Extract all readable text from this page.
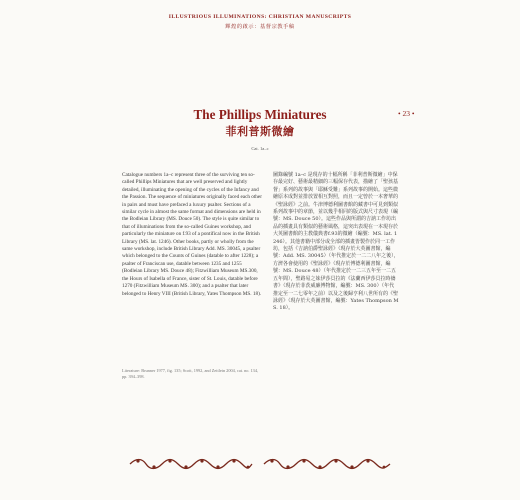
ILLUSTRIOUS ILLUMINATIONS: CHRISTIAN MANUSCRIPTS
輝煌的啟示：基督宗教手稿
• 23 •
The Phillips Miniatures
菲利普斯微繪
Cat. 1a–c
Catalogue numbers 1a–c represent three of the surviving ten so-called Phillips Miniatures that are well preserved and lightly detailed, illuminating the opening of the cycles of the Infancy and the Passion. The sequence of miniatures originally faced each other in pairs and must have prefaced a luxury psalter. Sections of a similar cycle in almost the same format and dimensions are held in the Bodleian Library (MS. Douce 50). The style is quite similar to that of illuminations from the so-called Guines workshop, and particularly the miniature on f.93 of a pontifical now in the British Library (MS. lat. 1246). Other books, partly or wholly from the same workshop, include British Library Add. MS. 30045, a psalter which belonged to the Counts of Guines (datable to after 1228); a psalter of Franciscan use, datable between 1235 and 1255 (Bodleian Library MS. Douce 48); Fitzwilliam Museum MS.300, the Hours of Isabella of France, sister of St. Louis, datable before 1270 (Fitzwilliam Museum MS. 300); and a psalter that later belonged to Henry VIII (British Library, Yates Thompson MS. 18).
Literature: Brunner 1977, fig. 135; Scott, 1992, and Zeitlein 2004, cat. no. 134, pp. 394–398.
圖錄編號 1a–c 是現存的十幅所稱「菲利普斯微繪」中保存最完好、藝術最精細的三幅保存代表，描繪了「聖孩基督」系列的故事與「耶穌受難」系列故事的開始。這些微繪原本成對並排放置相互對照，而且一定曾於一本奢華的《聖詠經》之前。牛津博德利圖書館的藏書中可見到類似系列故事中的章節，並以幾乎相同的版式與尺寸表現（編號：MS. Douce 50）。這些作品與所謂的吉訥工作坊出品的插畫具有類似的藝術風格，這突出表現在一本現存於大英圖書館的主教儀典書f.93的微繪（編號：MS. lat. 1246）。其他書籍中部分或全部的插畫皆製作於同一工作坊，包括《吉訥伯爵聖詠經》（現存於大英圖書館，編號：Add. MS. 30045）（年代推定於一二二八年之後），方濟各會使用的《聖詠經》（現存於博德利圖書館，編號：MS. Douce 48）（年代推定於一二三五年至一二五五年間），聖路易之妹伊莎貝拉的《法蘭西伊莎貝拉時禱書》（現存於菲茨威廉博物館，編號：MS. 300）（年代推定至一二七零年之前）以及之後歸亨利八世所有的《聖詠經》（現存於大英圖書館，編號：Yates Thompson MS. 18）。
